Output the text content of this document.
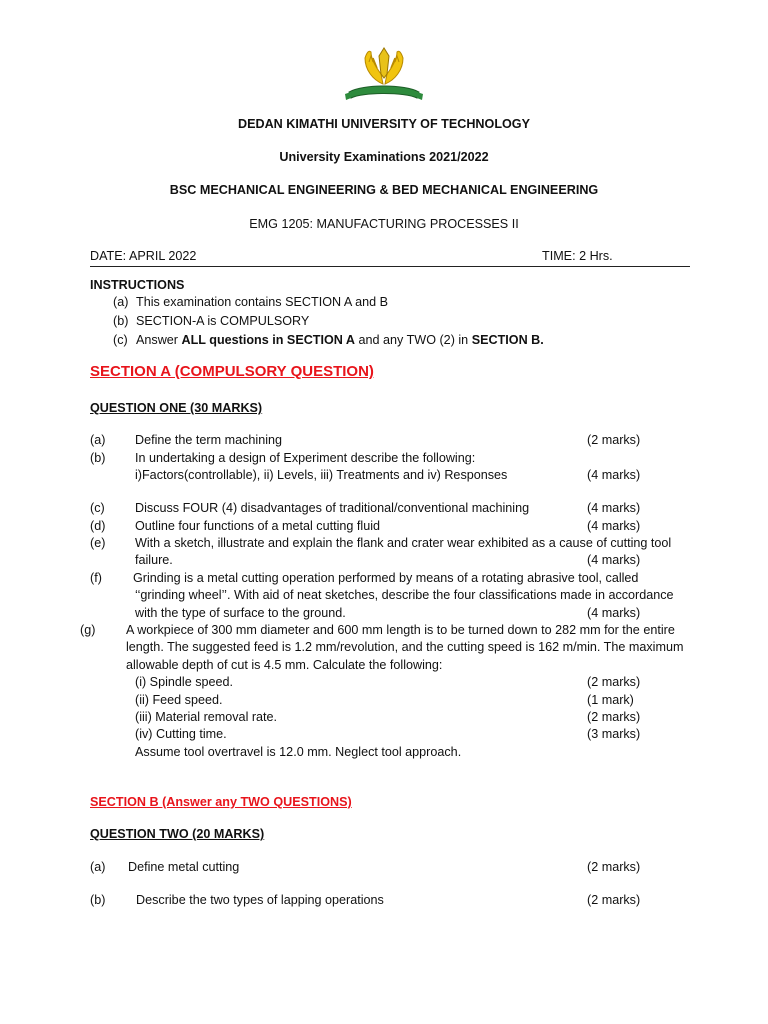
DEDAN KIMATHI UNIVERSITY OF TECHNOLOGY
University Examinations 2021/2022
BSC MECHANICAL ENGINEERING & BED MECHANICAL ENGINEERING
EMG 1205: MANUFACTURING PROCESSES II
DATE: APRIL 2022	TIME: 2 Hrs.
INSTRUCTIONS
(a) This examination contains SECTION A and B
(b) SECTION-A is COMPULSORY
(c) Answer ALL questions in SECTION A and any TWO (2) in SECTION B.
SECTION A (COMPULSORY QUESTION)
QUESTION ONE (30 MARKS)
(a) Define the term machining	(2 marks)
(b) In undertaking a design of Experiment describe the following:
i)Factors(controllable), ii) Levels, iii) Treatments and iv) Responses	(4 marks)
(c) Discuss FOUR (4) disadvantages of traditional/conventional machining	(4 marks)
(d) Outline four functions of a metal cutting fluid	(4 marks)
(e) With a sketch, illustrate and explain the flank and crater wear exhibited as a cause of cutting tool
failure.	(4 marks)
(f) Grinding is a metal cutting operation performed by means of a rotating abrasive tool, called
‘‘grinding wheel’’. With aid of neat sketches, describe the four classifications made in accordance
with the type of surface to the ground.	(4 marks)
(g) A workpiece of 300 mm diameter and 600 mm length is to be turned down to 282 mm for the entire
length. The suggested feed is 1.2 mm/revolution, and the cutting speed is 162 m/min. The maximum
allowable depth of cut is 4.5 mm. Calculate the following:
(i) Spindle speed.	(2 marks)
(ii) Feed speed.	(1 mark)
(iii) Material removal rate.	(2 marks)
(iv) Cutting time.	(3 marks)
Assume tool overtravel is 12.0 mm. Neglect tool approach.
SECTION B (Answer any TWO QUESTIONS)
QUESTION TWO (20 MARKS)
(a) Define metal cutting	(2 marks)
(b) Describe the two types of lapping operations	(2 marks)
